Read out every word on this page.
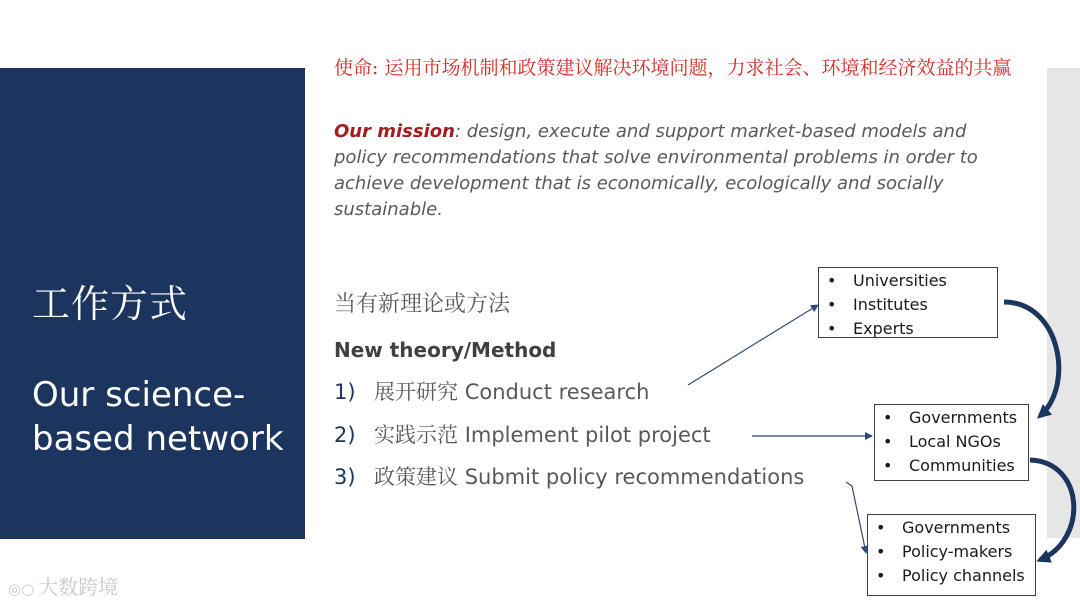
工作方式
Our science-based network
使命: 运用市场机制和政策建议解决环境问题，力求社会、环境和经济效益的共赢
Our mission: design, execute and support market-based models and policy recommendations that solve environmental problems in order to achieve development that is economically, ecologically and socially sustainable.
当有新理论或方法
New theory/Method
1) 展开研究 Conduct research
2) 实践示范 Implement pilot project
3) 政策建议 Submit policy recommendations
• Universities
• Institutes
• Experts
• Governments
• Local NGOs
• Communities
• Governments
• Policy-makers
• Policy channels
◎○ 大数跨境
